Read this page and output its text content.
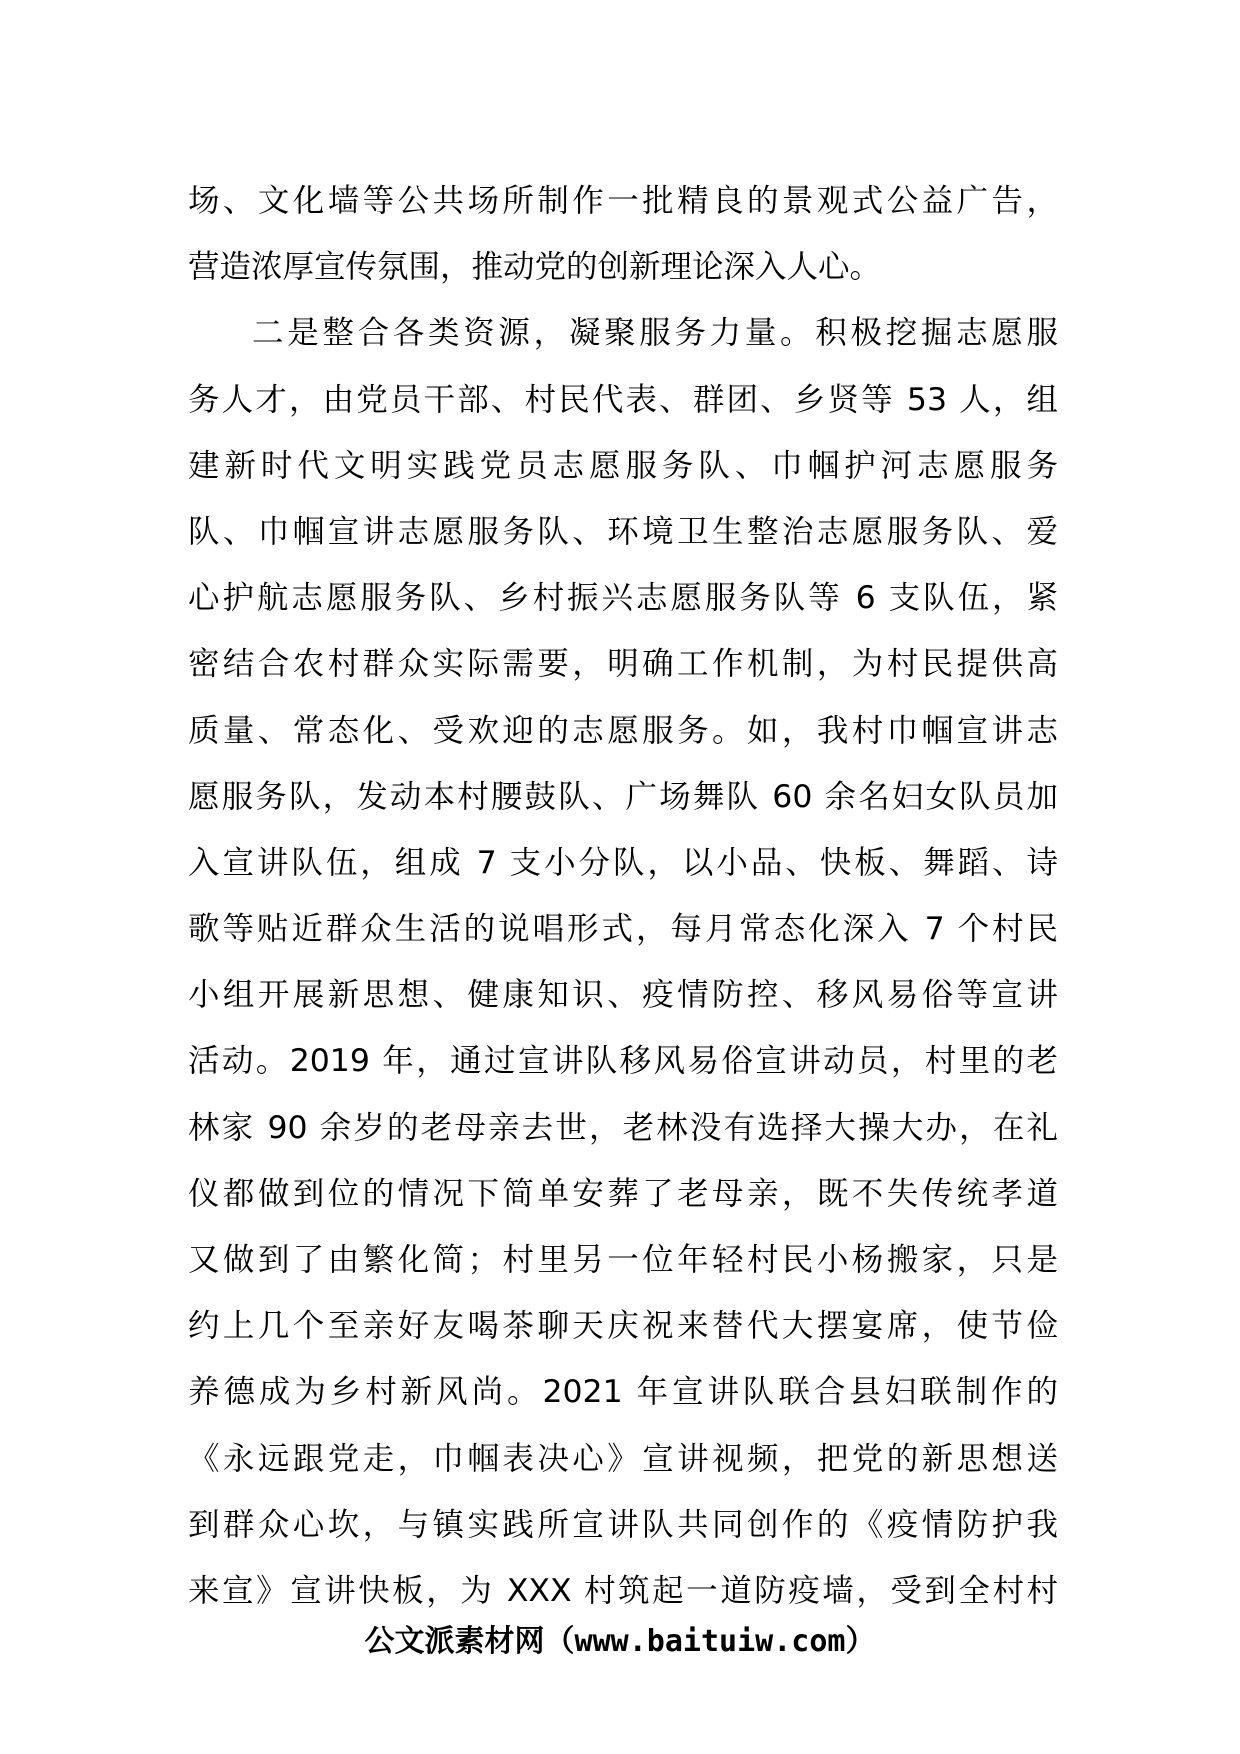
场、文化墙等公共场所制作一批精良的景观式公益广告，
营造浓厚宣传氛围，推动党的创新理论深入人心。
二是整合各类资源，凝聚服务力量。积极挖掘志愿服
务人才，由党员干部、村民代表、群团、乡贤等 53 人，组
建新时代文明实践党员志愿服务队、巾帼护河志愿服务
队、巾帼宣讲志愿服务队、环境卫生整治志愿服务队、爱
心护航志愿服务队、乡村振兴志愿服务队等 6 支队伍，紧
密结合农村群众实际需要，明确工作机制，为村民提供高
质量、常态化、受欢迎的志愿服务。如，我村巾帼宣讲志
愿服务队，发动本村腰鼓队、广场舞队 60 余名妇女队员加
入宣讲队伍，组成 7 支小分队，以小品、快板、舞蹈、诗
歌等贴近群众生活的说唱形式，每月常态化深入 7 个村民
小组开展新思想、健康知识、疫情防控、移风易俗等宣讲
活动。2019 年，通过宣讲队移风易俗宣讲动员，村里的老
林家 90 余岁的老母亲去世，老林没有选择大操大办，在礼
仪都做到位的情况下简单安葬了老母亲，既不失传统孝道
又做到了由繁化简；村里另一位年轻村民小杨搬家，只是
约上几个至亲好友喝茶聊天庆祝来替代大摆宴席，使节俭
养德成为乡村新风尚。2021 年宣讲队联合县妇联制作的
《永远跟党走，巾帼表决心》宣讲视频，把党的新思想送
到群众心坎，与镇实践所宣讲队共同创作的《疫情防护我
来宣》宣讲快板，为 XXX 村筑起一道防疫墙，受到全村村
公文派素材网（www.baituiw.com）
